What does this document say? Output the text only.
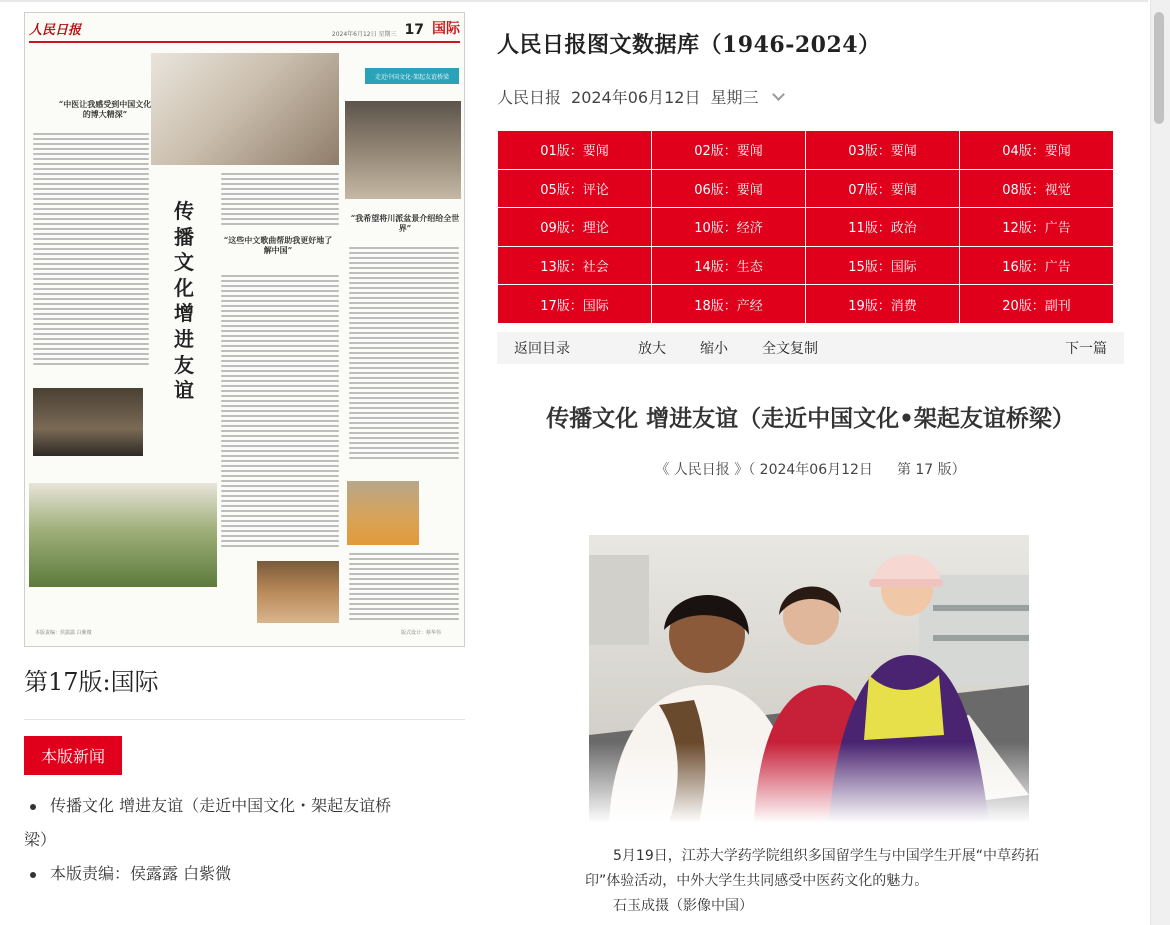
人民日报	2024年6月12日 星期三 17 国际
走近中国文化·架起友谊桥梁
“中医让我感受到中国文化的博大精深”
“这些中文歌曲帮助我更好地了解中国”
“我希望将川派盆景介绍给全世界”
传播文化 增进友谊
本版责编：侯露露 白紫微	版式设计：蔡华伟
第17版:国际
本版新闻
传播文化 增进友谊（走近中国文化・架起友谊桥
梁）
本版责编：侯露露 白紫微
人民日报图文数据库（1946-2024）
人民日报 2024年06月12日 星期三
01版：要闻	02版：要闻	03版：要闻	04版：要闻
05版：评论	06版：要闻	07版：要闻	08版：视觉
09版：理论	10版：经济	11版：政治	12版：广告
13版：社会	14版：生态	15版：国际	16版：广告
17版：国际	18版：产经	19版：消费	20版：副刊
返回目录	放大 缩小 全文复制	下一篇
传播文化 增进友谊（走近中国文化•架起友谊桥梁）
《 人民日报 》（ 2024年06月12日 第 17 版）

5月19日，江苏大学药学院组织多国留学生与中国学生开展“中草药拓印”体验活动，中外大学生共同感受中医药文化的魅力。

石玉成摄（影像中国）
